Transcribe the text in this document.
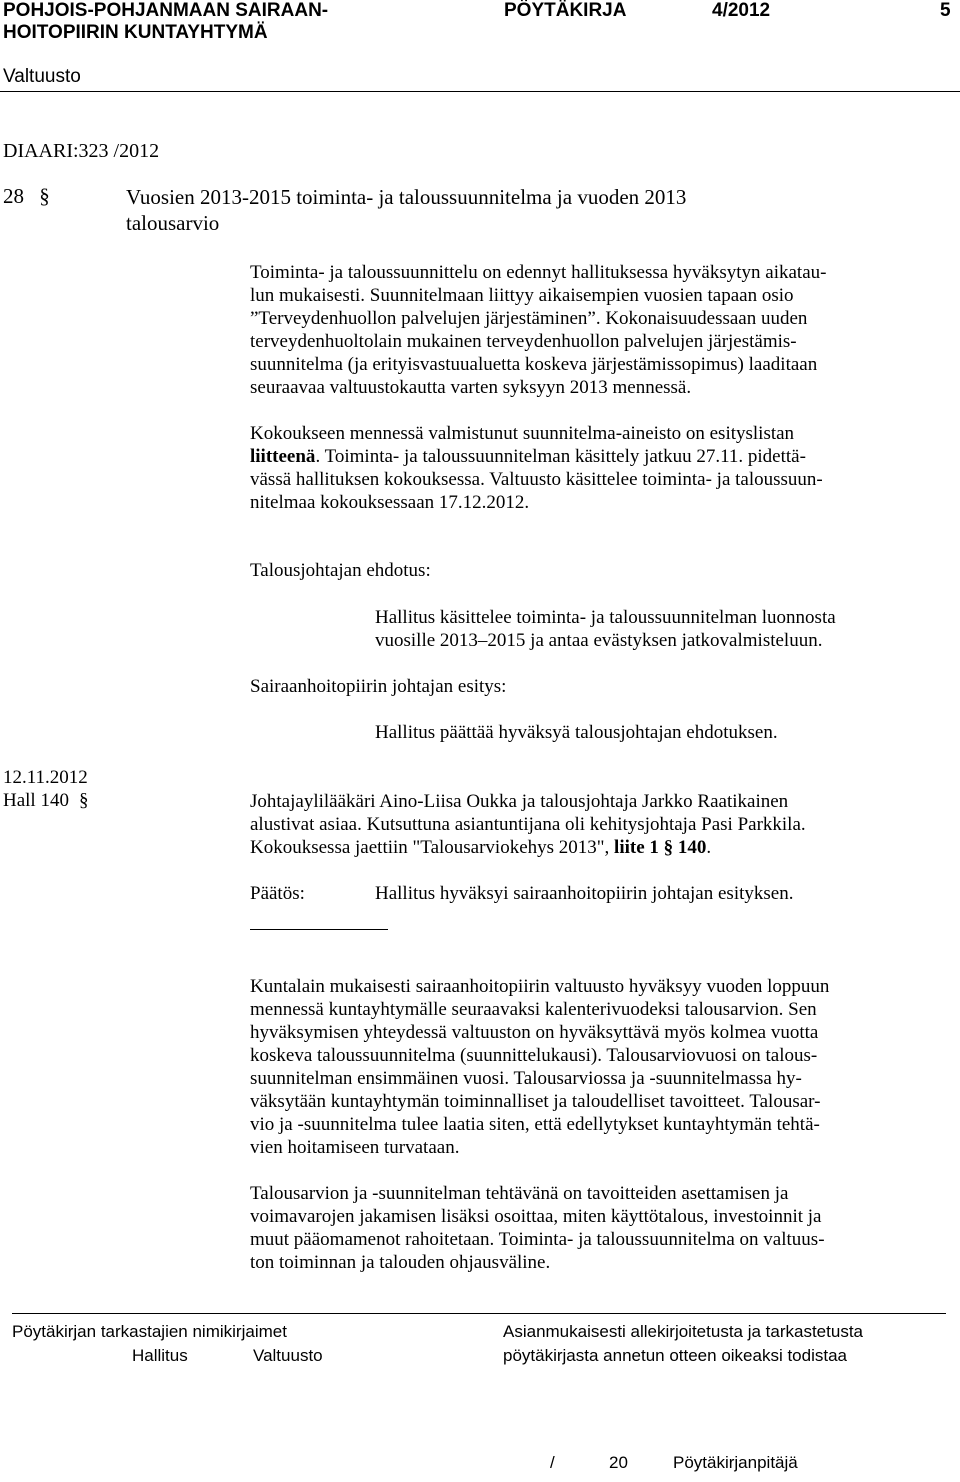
POHJOIS-POHJANMAAN SAIRAAN-
HOITOPIIRIN KUNTAYHTYMÄ
PÖYTÄKIRJA	4/2012	5
Valtuusto
DIAARI:323 /2012
28 §	Vuosien 2013-2015 toiminta- ja taloussuunnitelma ja vuoden 2013
talousarvio
Toiminta- ja taloussuunnittelu on edennyt hallituksessa hyväksytyn aikatau-
lun mukaisesti. Suunnitelmaan liittyy aikaisempien vuosien tapaan osio
”Terveydenhuollon palvelujen järjestäminen”. Kokonaisuudessaan uuden
terveydenhuoltolain mukainen terveydenhuollon palvelujen järjestämis-
suunnitelma (ja erityisvastuualuetta koskeva järjestämissopimus) laaditaan
seuraavaa valtuustokautta varten syksyyn 2013 mennessä.
Kokoukseen mennessä valmistunut suunnitelma-aineisto on esityslistan
liitteenä. Toiminta- ja taloussuunnitelman käsittely jatkuu 27.11. pidettä-
vässä hallituksen kokouksessa. Valtuusto käsittelee toiminta- ja taloussuun-
nitelmaa kokouksessaan 17.12.2012.
Talousjohtajan ehdotus:
Hallitus käsittelee toiminta- ja taloussuunnitelman luonnosta
vuosille 2013–2015 ja antaa evästyksen jatkovalmisteluun.
Sairaanhoitopiirin johtajan esitys:
Hallitus päättää hyväksyä talousjohtajan ehdotuksen.
12.11.2012
Hall 140 §	Johtajaylilääkäri Aino-Liisa Oukka ja talousjohtaja Jarkko Raatikainen
alustivat asiaa. Kutsuttuna asiantuntijana oli kehitysjohtaja Pasi Parkkila.
Kokouksessa jaettiin "Talousarviokehys 2013", liite 1 § 140.
Päätös:	Hallitus hyväksyi sairaanhoitopiirin johtajan esityksen.
Kuntalain mukaisesti sairaanhoitopiirin valtuusto hyväksyy vuoden loppuun
mennessä kuntayhtymälle seuraavaksi kalenterivuodeksi talousarvion. Sen
hyväksymisen yhteydessä valtuuston on hyväksyttävä myös kolmea vuotta
koskeva taloussuunnitelma (suunnittelukausi). Talousarviovuosi on talous-
suunnitelman ensimmäinen vuosi. Talousarviossa ja -suunnitelmassa hy-
väksytään kuntayhtymän toiminnalliset ja taloudelliset tavoitteet. Talousar-
vio ja -suunnitelma tulee laatia siten, että edellytykset kuntayhtymän tehtä-
vien hoitamiseen turvataan.
Talousarvion ja -suunnitelman tehtävänä on tavoitteiden asettamisen ja
voimavarojen jakamisen lisäksi osoittaa, miten käyttötalous, investoinnit ja
muut pääomamenot rahoitetaan. Toiminta- ja taloussuunnitelma on valtuus-
ton toiminnan ja talouden ohjausväline.
Pöytäkirjan tarkastajien nimikirjaimet
Hallitus	Valtuusto
Asianmukaisesti allekirjoitetusta ja tarkastetusta
pöytäkirjasta annetun otteen oikeaksi todistaa
/	20	Pöytäkirjanpitäjä
